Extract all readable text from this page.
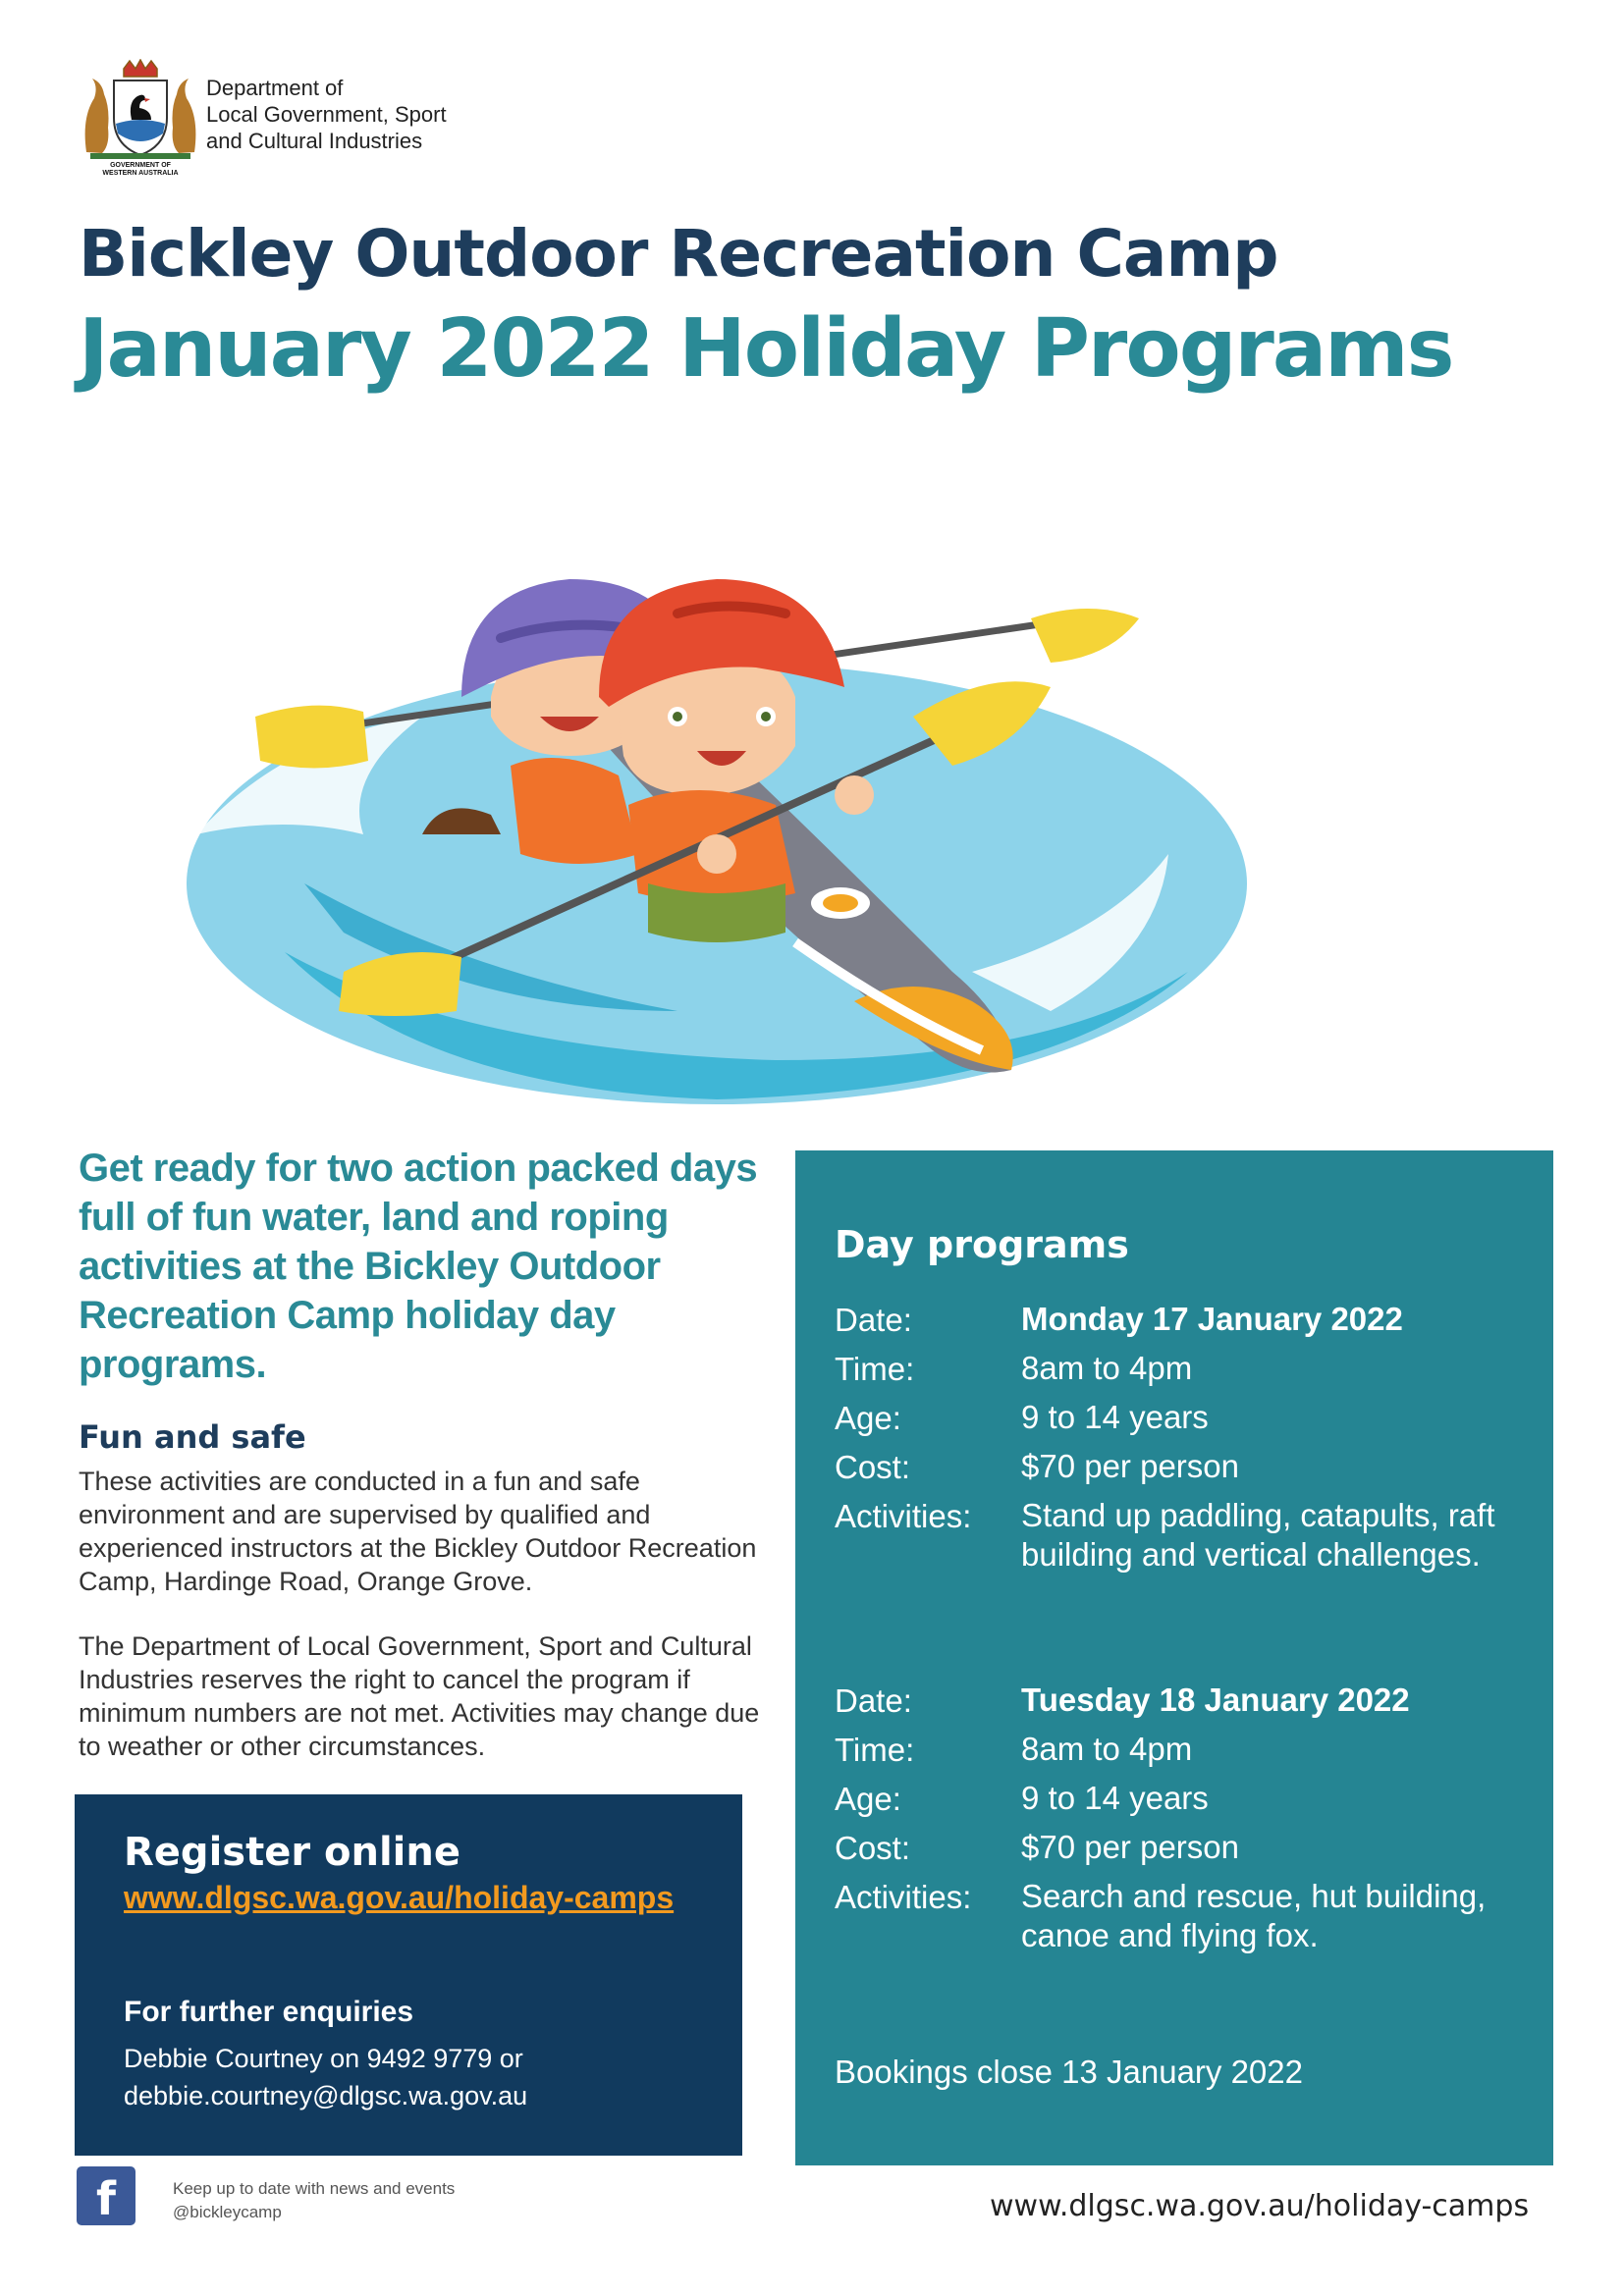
GOVERNMENT OF
WESTERN AUSTRALIA
Department of
Local Government, Sport
and Cultural Industries
Bickley Outdoor Recreation Camp
January 2022 Holiday Programs
Get ready for two action packed days full of fun water, land and roping activities at the Bickley Outdoor Recreation Camp holiday day programs.
Fun and safe
These activities are conducted in a fun and safe environment and are supervised by qualified and experienced instructors at the Bickley Outdoor Recreation Camp, Hardinge Road, Orange Grove.
The Department of Local Government, Sport and Cultural Industries reserves the right to cancel the program if minimum numbers are not met. Activities may change due to weather or other circumstances.
Register online
www.dlgsc.wa.gov.au/holiday-camps
For further enquiries
Debbie Courtney on 9492 9779 or
debbie.courtney@dlgsc.wa.gov.au
Day programs
Date:	Monday 17 January 2022
Time:	8am to 4pm
Age:	9 to 14 years
Cost:	$70 per person
Activities:	Stand up paddling, catapults, raft building and vertical challenges.
Date:	Tuesday 18 January 2022
Time:	8am to 4pm
Age:	9 to 14 years
Cost:	$70 per person
Activities:	Search and rescue, hut building, canoe and flying fox.
Bookings close 13 January 2022
f	Keep up to date with news and events
@bickleycamp	www.dlgsc.wa.gov.au/holiday-camps
